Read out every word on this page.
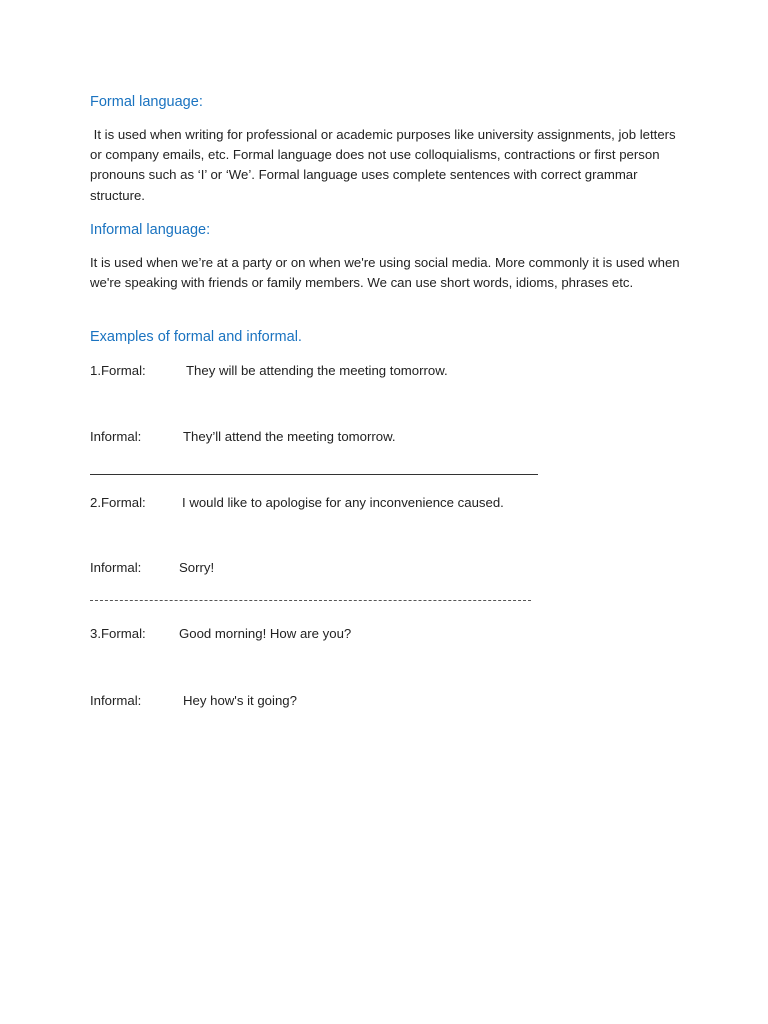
Formal language:
It is used when writing for professional or academic purposes like university assignments, job letters or company emails, etc. Formal language does not use colloquialisms, contractions or first person pronouns such as ‘I’ or ‘We’. Formal language uses complete sentences with correct grammar structure.
Informal language:
It is used when we’re at a party or on when we're using social media. More commonly it is used when we're speaking with friends or family members. We can use short words, idioms, phrases etc.
Examples of formal and informal.
1.Formal:	They will be attending the meeting tomorrow.
Informal:	They’ll attend the meeting tomorrow.
2.Formal:	I would like to apologise for any inconvenience caused.
Informal:	Sorry!
3.Formal:	Good morning! How are you?
Informal:	Hey how's it going?
